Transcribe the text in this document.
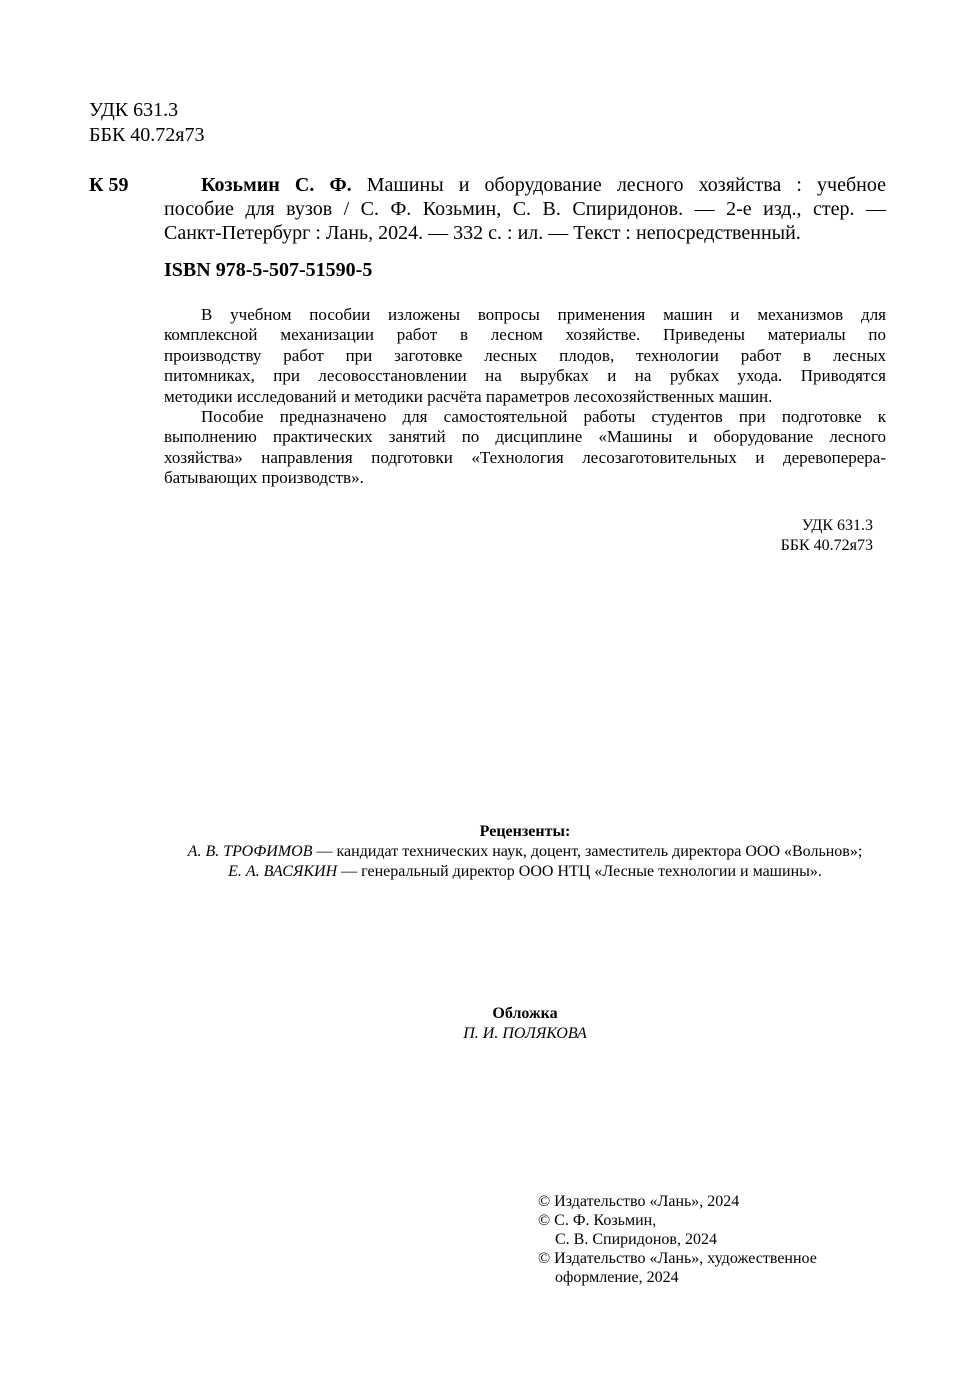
УДК 631.3
ББК 40.72я73
К 59	Козьмин С. Ф. Машины и оборудование лесного хозяйства : учебное
пособие для вузов / С. Ф. Козьмин, С. В. Спиридонов. — 2-е изд., стер. —
Санкт-Петербург : Лань, 2024. — 332 с. : ил. — Текст : непосредственный.
ISBN 978-5-507-51590-5
В учебном пособии изложены вопросы применения машин и механизмов для
комплексной механизации работ в лесном хозяйстве. Приведены материалы по
производству работ при заготовке лесных плодов, технологии работ в лесных
питомниках, при лесовосстановлении на вырубках и на рубках ухода. Приводятся
методики исследований и методики расчёта параметров лесохозяйственных машин.
Пособие предназначено для самостоятельной работы студентов при подготовке к
выполнению практических занятий по дисциплине «Машины и оборудование лесного
хозяйства» направления подготовки «Технология лесозаготовительных и деревоперера-
батывающих производств».
УДК 631.3
ББК 40.72я73
Рецензенты:
А. В. ТРОФИМОВ — кандидат технических наук, доцент, заместитель директора ООО «Вольнов»;
Е. А. ВАСЯКИН — генеральный директор ООО НТЦ «Лесные технологии и машины».
Обложка
П. И. ПОЛЯКОВА
© Издательство «Лань», 2024
© С. Ф. Козьмин,
С. В. Спиридонов, 2024
© Издательство «Лань», художественное
оформление, 2024
